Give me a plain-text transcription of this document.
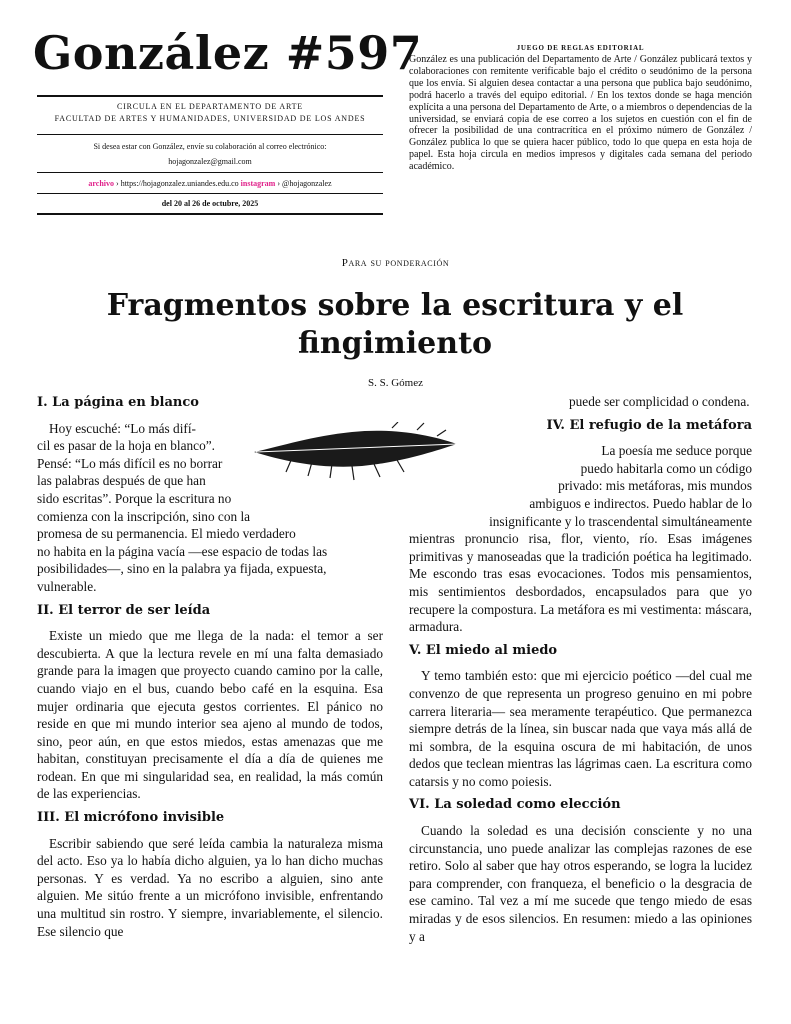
González #597
CIRCULA EN EL DEPARTAMENTO DE ARTE
FACULTAD DE ARTES Y HUMANIDADES, UNIVERSIDAD DE LOS ANDES
Si desea estar con González, envíe su colaboración al correo electrónico:
hojagonzalez@gmail.com
archivo › https://hojagonzalez.uniandes.edu.co instagram › @hojagonzalez
del 20 al 26 de octubre, 2025
JUEGO DE REGLAS EDITORIAL
González es una publicación del Departamento de Arte / González publicará textos y colaboraciones con remitente verificable bajo el crédito o seudónimo de la persona que los envía. Si alguien desea contactar a una persona que publica bajo seudónimo, podrá hacerlo a través del equipo editorial. / En los textos donde se haga mención explícita a una persona del Departamento de Arte, o a miembros o dependencias de la universidad, se enviará copia de ese correo a los sujetos en cuestión con el fin de ofrecer la posibilidad de una contracrítica en el próximo número de González / González publica lo que se quiera hacer público, todo lo que quepa en esta hoja de papel. Esta hoja circula en medios impresos y digitales cada semana del periodo académico.
Para su ponderación
Fragmentos sobre la escritura y el fingimiento
S. S. Gómez
I. La página en blanco
Hoy escuché: “Lo más difí-
cil es pasar de la hoja en blanco”.
Pensé: “Lo más difícil es no borrar
las palabras después de que han
sido escritas”. Porque la escritura no
comienza con la inscripción, sino con la
promesa de su permanencia. El miedo verdadero
no habita en la página vacía —ese espacio de todas las
posibilidades—, sino en la palabra ya fijada, expuesta,
vulnerable.
II. El terror de ser leída

Existe un miedo que me llega de la nada: el temor a ser descubierta. A que la lectura revele en mí una falta demasiado grande para la imagen que proyecto cuando camino por la calle, cuando viajo en el bus, cuando bebo café en la esquina. Esa mujer ordinaria que ejecuta gestos corrientes. El pánico no reside en que mi mundo interior sea ajeno al mundo de todos, sino, peor aún, en que estos miedos, estas amenazas que me habitan, constituyan precisamente el día a día de quienes me rodean. En que mi singularidad sea, en realidad, la más común de las experiencias.

III. El micrófono invisible

Escribir sabiendo que seré leída cambia la naturaleza misma del acto. Eso ya lo había dicho alguien, ya lo han dicho muchas personas. Y es verdad. Ya no escribo a alguien, sino ante alguien. Me sitúo frente a un micrófono invisible, enfrentando una multitud sin rostro. Y siempre, invariablemente, el silencio. Ese silencio que

puede ser complicidad o condena.
IV. El refugio de la metáfora
La poesía me seduce porque
puedo habitarla como un código
privado: mis metáforas, mis mundos
ambiguos e indirectos. Puedo hablar de lo
insignificante y lo trascendental simultáneamente
mientras pronuncio risa, flor, viento, río. Esas imágenes primitivas y manoseadas que la tradición poética ha legitimado. Me escondo tras esas evocaciones. Todos mis pensamientos, mis sentimientos desbordados, encapsulados para que yo recupere la compostura. La metáfora es mi vestimenta: máscara, armadura.
V. El miedo al miedo

Y temo también esto: que mi ejercicio poético —del cual me convenzo de que representa un progreso genuino en mi pobre carrera literaria— sea meramente terapéutico. Que permanezca siempre detrás de la línea, sin buscar nada que vaya más allá de mi sombra, de la esquina oscura de mi habitación, de unos dedos que teclean mientras las lágrimas caen. La escritura como catarsis y no como poiesis.

VI. La soledad como elección

Cuando la soledad es una decisión consciente y no una circunstancia, uno puede analizar las complejas razones de ese retiro. Solo al saber que hay otros esperando, se logra la lucidez para comprender, con franqueza, el beneficio o la desgracia de ese camino. Tal vez a mí me sucede que tengo miedo de esas miradas y de esos silencios. En resumen: miedo a las opiniones y a
